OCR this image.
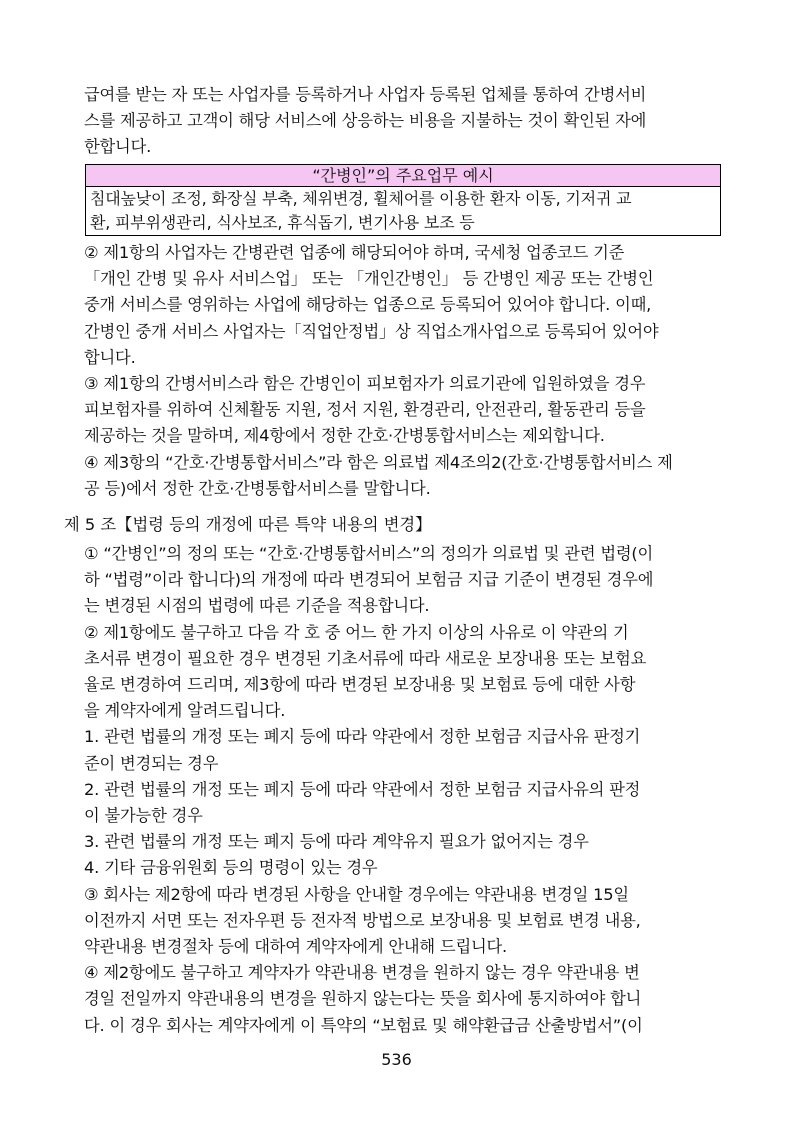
급여를 받는 자 또는 사업자를 등록하거나 사업자 등록된 업체를 통하여 간병서비
스를 제공하고 고객이 해당 서비스에 상응하는 비용을 지불하는 것이 확인된 자에
한합니다.
“간병인”의 주요업무 예시

침대높낮이 조정, 화장실 부축, 체위변경, 휠체어를 이용한 환자 이동, 기저귀 교
환, 피부위생관리, 식사보조, 휴식돕기, 변기사용 보조 등
② 제1항의 사업자는 간병관련 업종에 해당되어야 하며, 국세청 업종코드 기준
「개인 간병 및 유사 서비스업」 또는 「개인간병인」 등 간병인 제공 또는 간병인
중개 서비스를 영위하는 사업에 해당하는 업종으로 등록되어 있어야 합니다. 이때,
간병인 중개 서비스 사업자는「직업안정법」상 직업소개사업으로 등록되어 있어야
합니다.
③ 제1항의 간병서비스라 함은 간병인이 피보험자가 의료기관에 입원하였을 경우
피보험자를 위하여 신체활동 지원, 정서 지원, 환경관리, 안전관리, 활동관리 등을
제공하는 것을 말하며, 제4항에서 정한 간호·간병통합서비스는 제외합니다.
④ 제3항의 “간호·간병통합서비스”라 함은 의료법 제4조의2(간호·간병통합서비스 제
공 등)에서 정한 간호·간병통합서비스를 말합니다.
제 5 조【법령 등의 개정에 따른 특약 내용의 변경】
① “간병인”의 정의 또는 “간호·간병통합서비스”의 정의가 의료법 및 관련 법령(이
하 “법령”이라 합니다)의 개정에 따라 변경되어 보험금 지급 기준이 변경된 경우에
는 변경된 시점의 법령에 따른 기준을 적용합니다.
② 제1항에도 불구하고 다음 각 호 중 어느 한 가지 이상의 사유로 이 약관의 기
초서류 변경이 필요한 경우 변경된 기초서류에 따라 새로운 보장내용 또는 보험요
율로 변경하여 드리며, 제3항에 따라 변경된 보장내용 및 보험료 등에 대한 사항
을 계약자에게 알려드립니다.
1. 관련 법률의 개정 또는 폐지 등에 따라 약관에서 정한 보험금 지급사유 판정기
준이 변경되는 경우
2. 관련 법률의 개정 또는 폐지 등에 따라 약관에서 정한 보험금 지급사유의 판정
이 불가능한 경우
3. 관련 법률의 개정 또는 폐지 등에 따라 계약유지 필요가 없어지는 경우
4. 기타 금융위원회 등의 명령이 있는 경우
③ 회사는 제2항에 따라 변경된 사항을 안내할 경우에는 약관내용 변경일 15일
이전까지 서면 또는 전자우편 등 전자적 방법으로 보장내용 및 보험료 변경 내용,
약관내용 변경절차 등에 대하여 계약자에게 안내해 드립니다.
④ 제2항에도 불구하고 계약자가 약관내용 변경을 원하지 않는 경우 약관내용 변
경일 전일까지 약관내용의 변경을 원하지 않는다는 뜻을 회사에 통지하여야 합니
다. 이 경우 회사는 계약자에게 이 특약의 “보험료 및 해약환급금 산출방법서”(이
536
